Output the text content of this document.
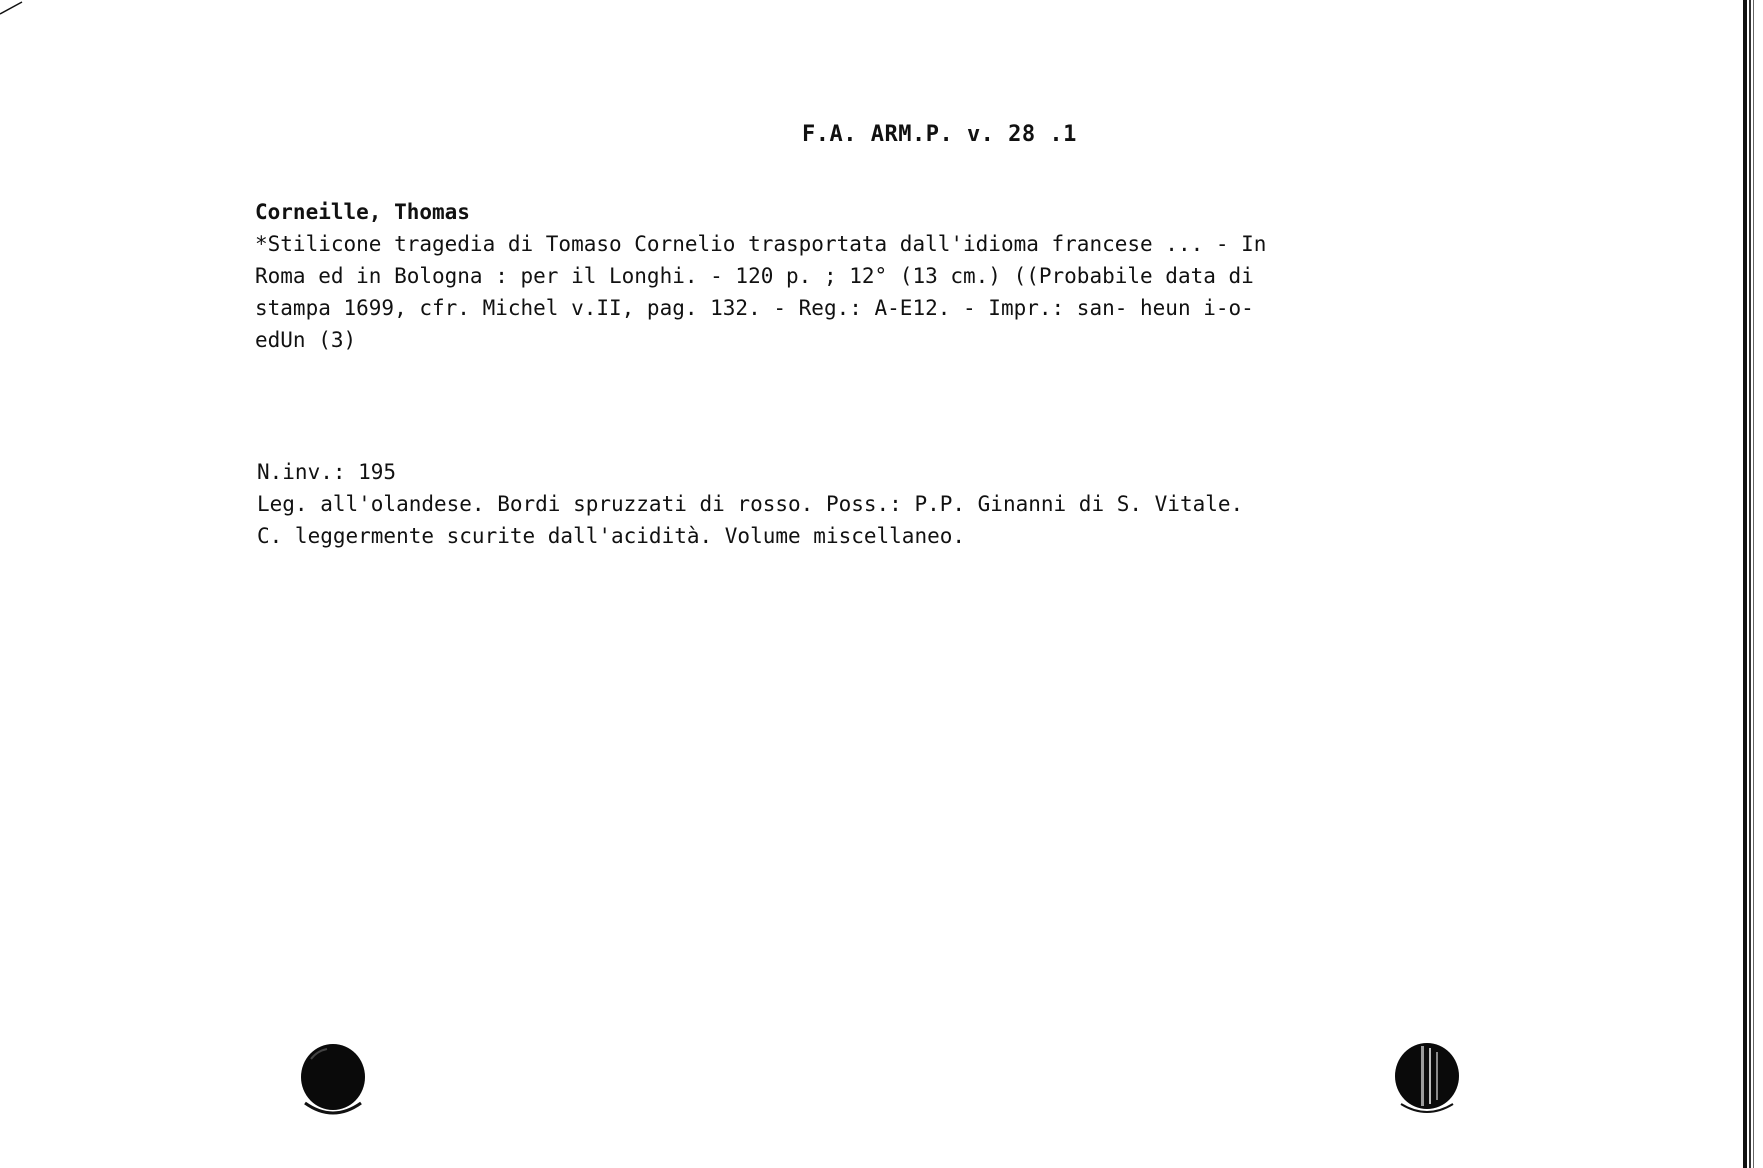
F.A. ARM.P. v. 28 .1
Corneille, Thomas
*Stilicone tragedia di Tomaso Cornelio trasportata dall'idioma francese ... - In
Roma ed in Bologna : per il Longhi. - 120 p. ; 12° (13 cm.) ((Probabile data di
stampa 1699, cfr. Michel v.II, pag. 132. - Reg.: A-E12. - Impr.: san- heun i-o-
edUn (3)
N.inv.: 195
Leg. all'olandese. Bordi spruzzati di rosso. Poss.: P.P. Ginanni di S. Vitale.
C. leggermente scurite dall'acidità. Volume miscellaneo.
